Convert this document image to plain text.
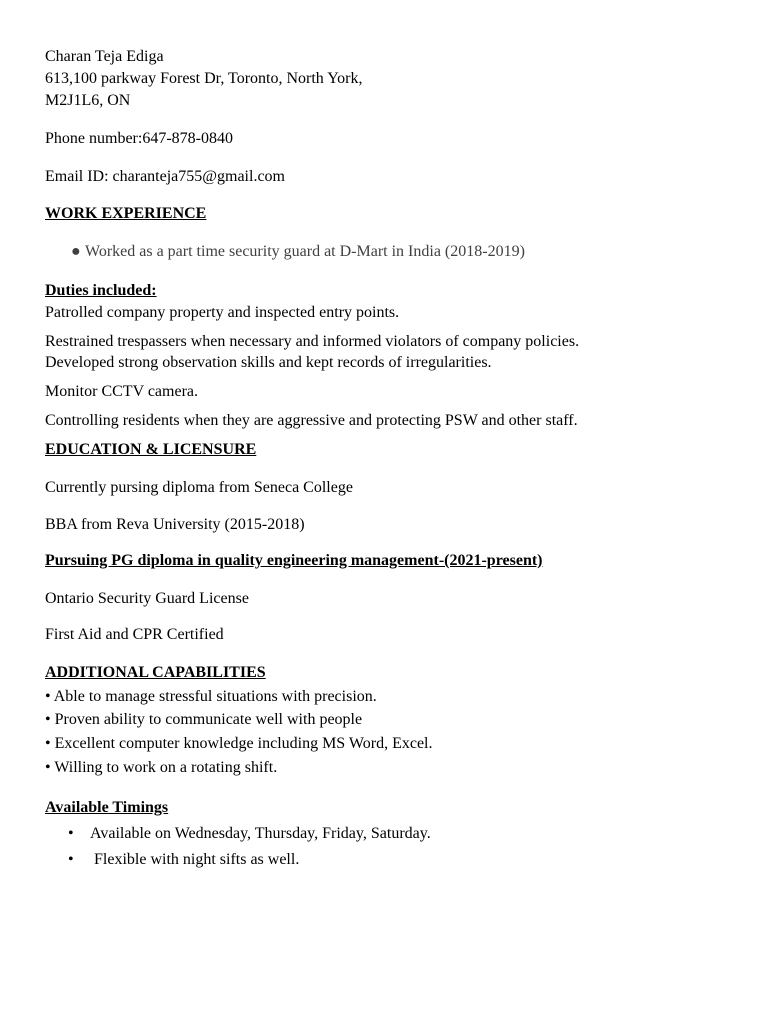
Charan Teja Ediga
613,100 parkway Forest Dr, Toronto, North York,
M2J1L6, ON
Phone number:647-878-0840
Email ID: charanteja755@gmail.com
WORK EXPERIENCE
● Worked as a part time security guard at D-Mart in India (2018-2019)
Duties included:
Patrolled company property and inspected entry points.
Restrained trespassers when necessary and informed violators of company policies.
Developed strong observation skills and kept records of irregularities.
Monitor CCTV camera.
Controlling residents when they are aggressive and protecting PSW and other staff.
EDUCATION & LICENSURE
Currently pursing diploma from Seneca College
BBA from Reva University (2015-2018)
Pursuing PG diploma in quality engineering management-(2021-present)
Ontario Security Guard License
First Aid and CPR Certified
ADDITIONAL CAPABILITIES
• Able to manage stressful situations with precision.
• Proven ability to communicate well with people
• Excellent computer knowledge including MS Word, Excel.
• Willing to work on a rotating shift.
Available Timings
• Available on Wednesday, Thursday, Friday, Saturday.
• Flexible with night sifts as well.
